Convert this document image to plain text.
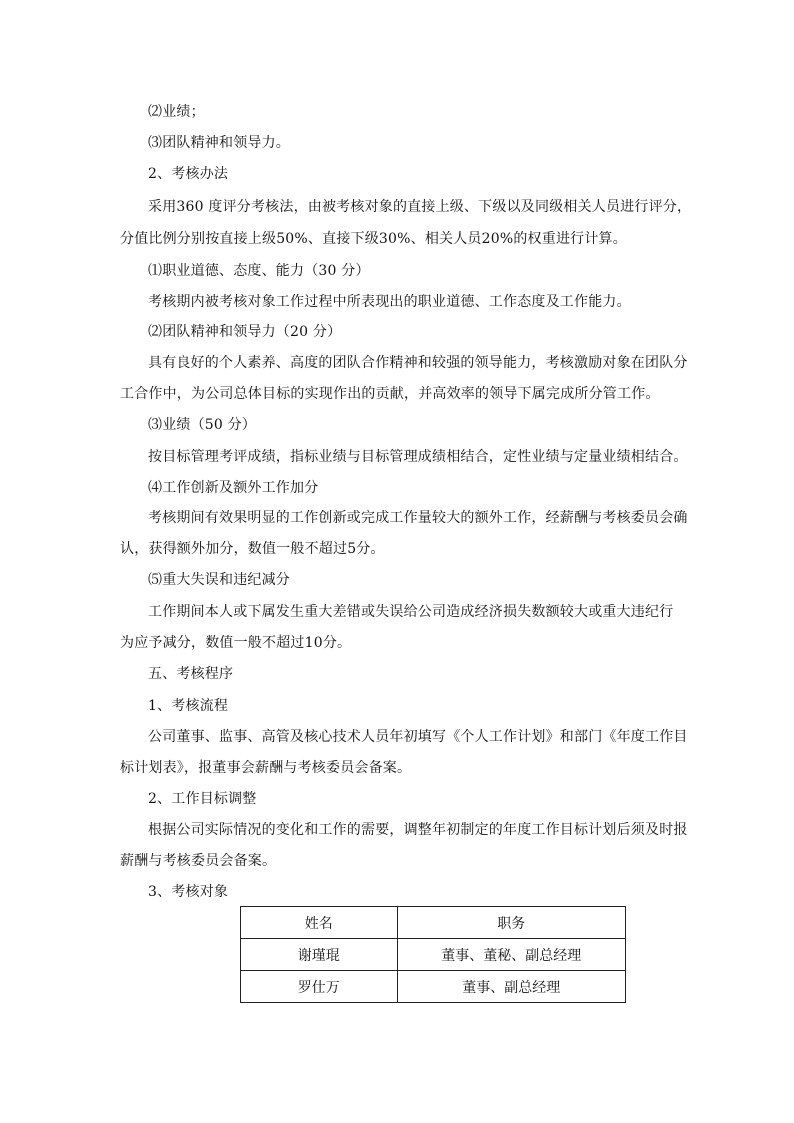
⑵业绩；
⑶团队精神和领导力。
2、考核办法
采用360 度评分考核法，由被考核对象的直接上级、下级以及同级相关人员进行评分，
分值比例分别按直接上级50%、直接下级30%、相关人员20%的权重进行计算。
⑴职业道德、态度、能力（30 分）
考核期内被考核对象工作过程中所表现出的职业道德、工作态度及工作能力。
⑵团队精神和领导力（20 分）
具有良好的个人素养、高度的团队合作精神和较强的领导能力，考核激励对象在团队分
工合作中，为公司总体目标的实现作出的贡献，并高效率的领导下属完成所分管工作。
⑶业绩（50 分）
按目标管理考评成绩，指标业绩与目标管理成绩相结合，定性业绩与定量业绩相结合。
⑷工作创新及额外工作加分
考核期间有效果明显的工作创新或完成工作量较大的额外工作，经薪酬与考核委员会确
认，获得额外加分，数值一般不超过5分。
⑸重大失误和违纪减分
工作期间本人或下属发生重大差错或失误给公司造成经济损失数额较大或重大违纪行
为应予减分，数值一般不超过10分。
五、考核程序
1、考核流程
公司董事、监事、高管及核心技术人员年初填写《个人工作计划》和部门《年度工作目
标计划表》，报董事会薪酬与考核委员会备案。
2、工作目标调整
根据公司实际情况的变化和工作的需要，调整年初制定的年度工作目标计划后须及时报
薪酬与考核委员会备案。
3、考核对象
姓名	职务
谢瑾琨	董事、董秘、副总经理
罗仕万	董事、副总经理
